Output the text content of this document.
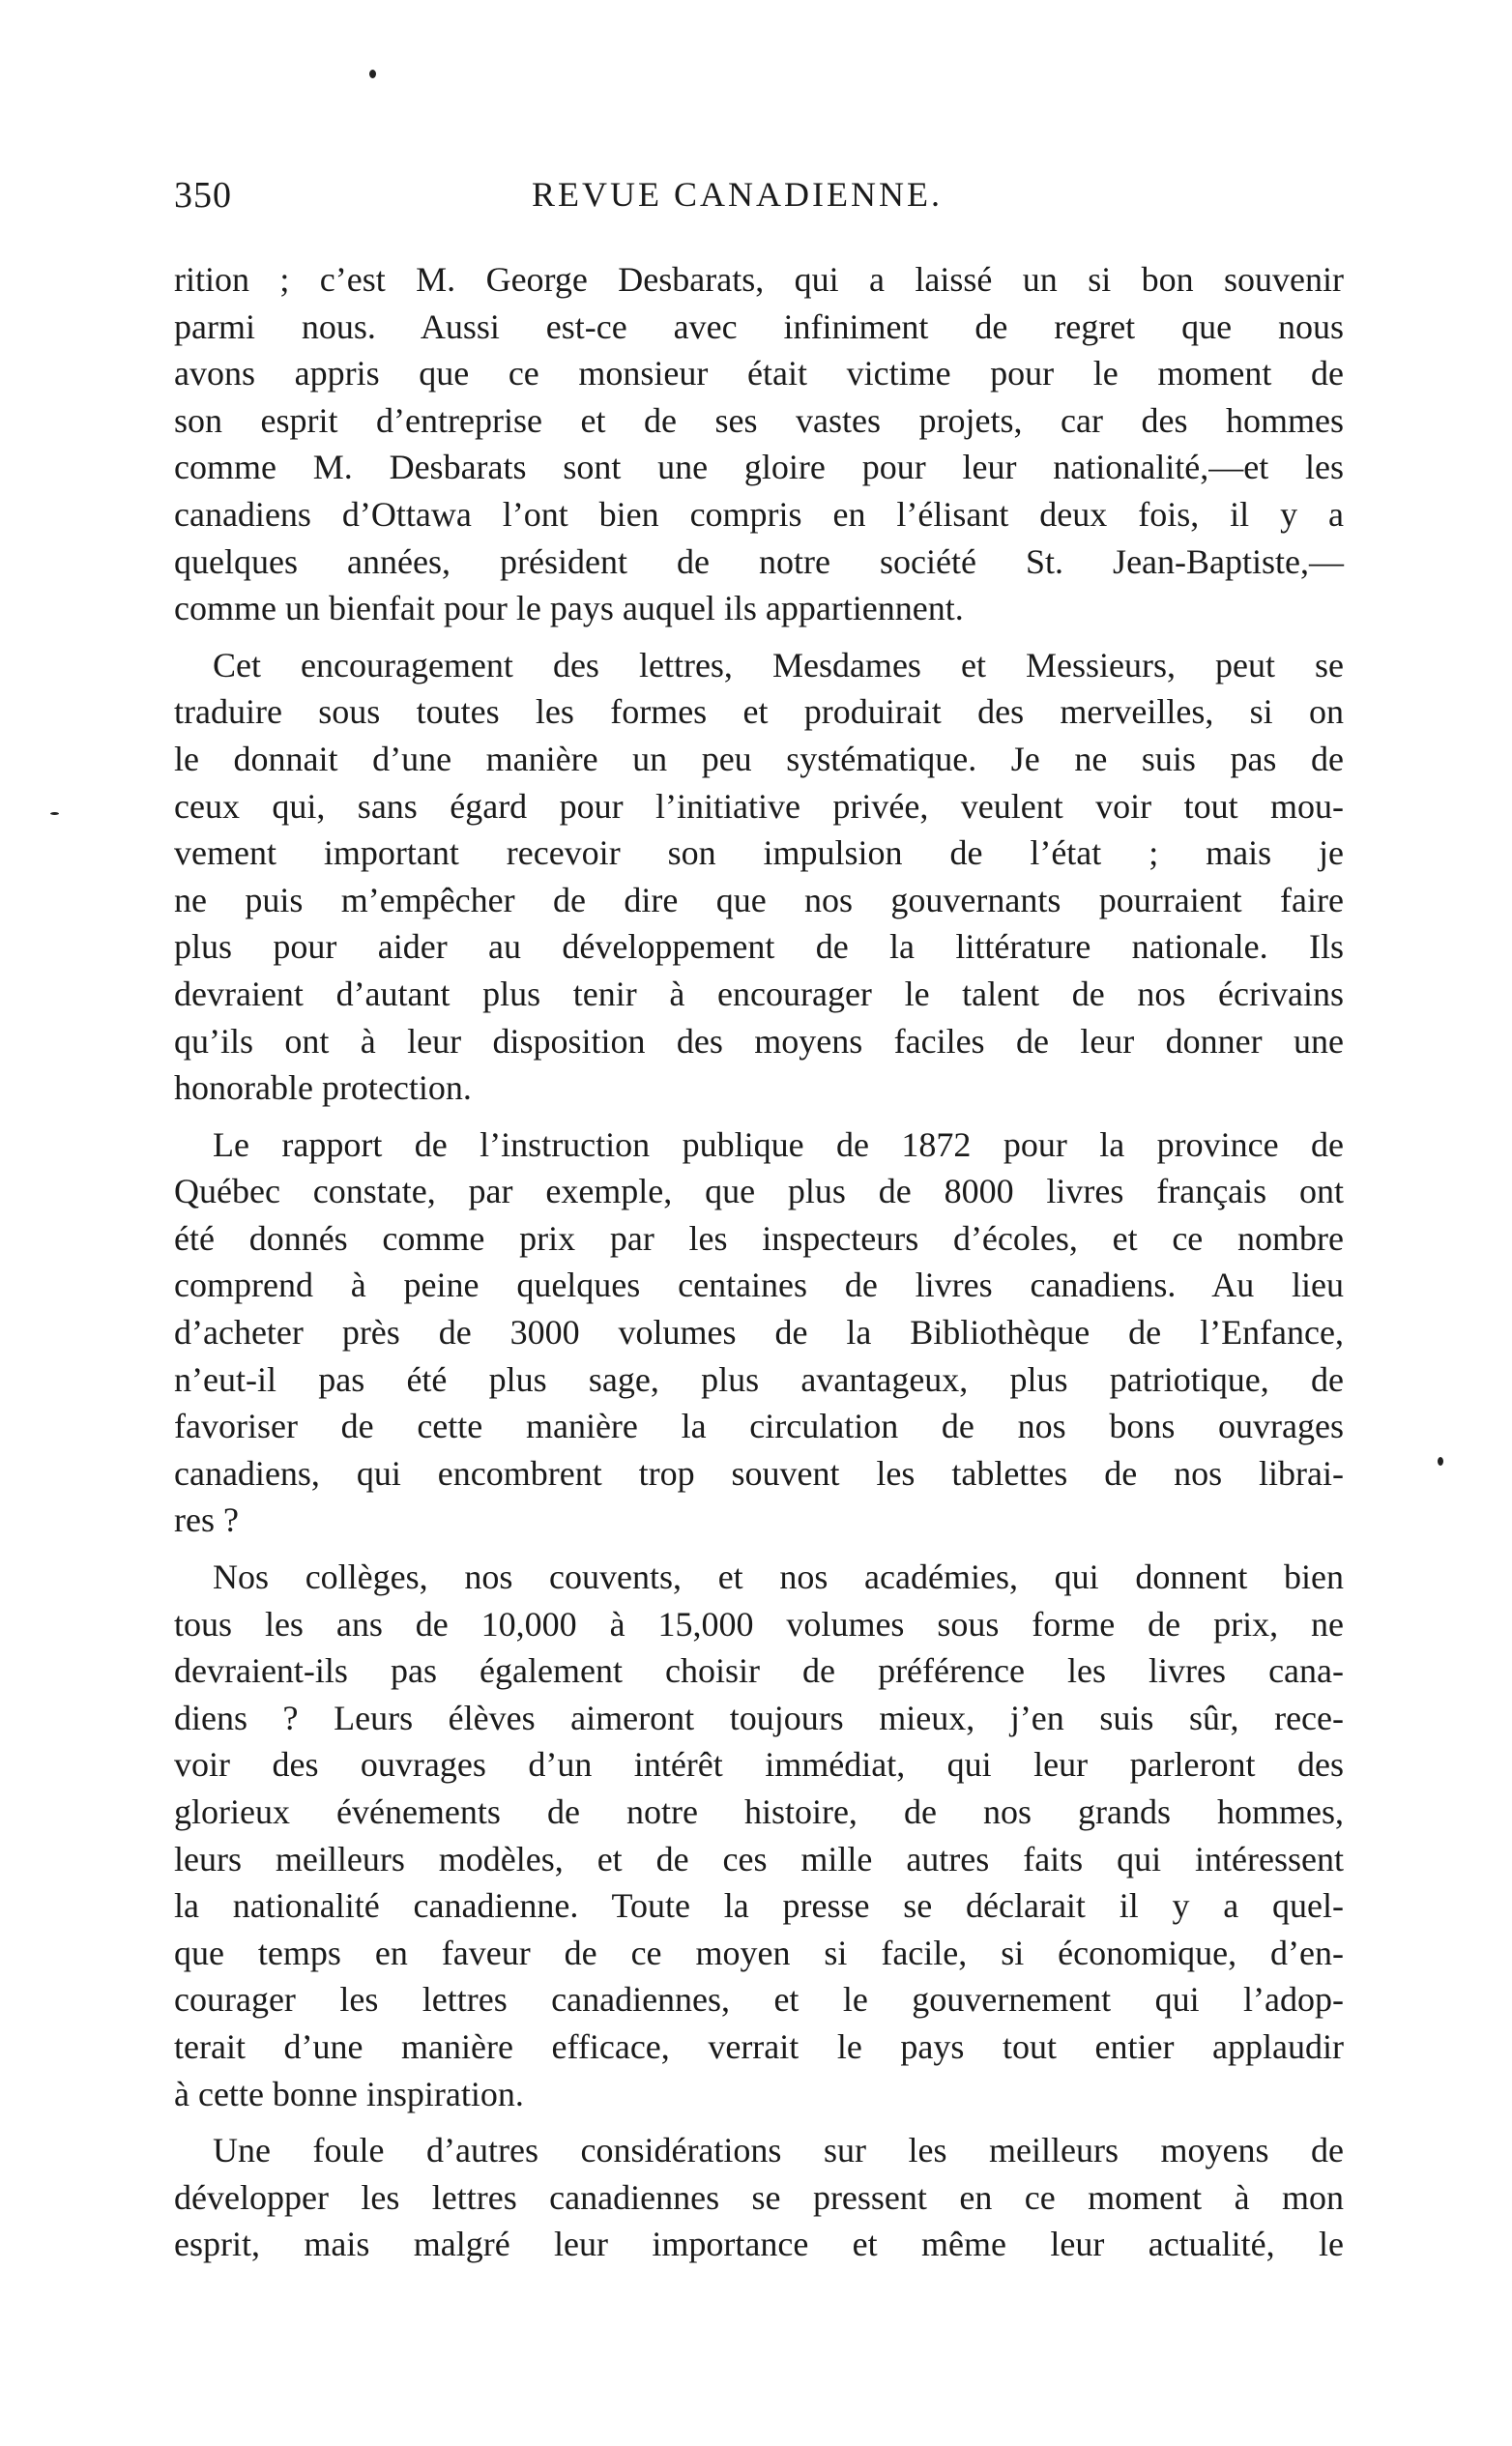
350	REVUE CANADIENNE.
rition ; c’est M. George Desbarats, qui a laissé un si bon souvenir
parmi nous. Aussi est-ce avec infiniment de regret que nous
avons appris que ce monsieur était victime pour le moment de
son esprit d’entreprise et de ses vastes projets, car des hommes
comme M. Desbarats sont une gloire pour leur nationalité,—et les
canadiens d’Ottawa l’ont bien compris en l’élisant deux fois, il y a
quelques années, président de notre société St. Jean-Baptiste,—
comme un bienfait pour le pays auquel ils appartiennent.
Cet encouragement des lettres, Mesdames et Messieurs, peut se
traduire sous toutes les formes et produirait des merveilles, si on
le donnait d’une manière un peu systématique. Je ne suis pas de
ceux qui, sans égard pour l’initiative privée, veulent voir tout mou-
vement important recevoir son impulsion de l’état ; mais je
ne puis m’empêcher de dire que nos gouvernants pourraient faire
plus pour aider au développement de la littérature nationale. Ils
devraient d’autant plus tenir à encourager le talent de nos écrivains
qu’ils ont à leur disposition des moyens faciles de leur donner une
honorable protection.
Le rapport de l’instruction publique de 1872 pour la province de
Québec constate, par exemple, que plus de 8000 livres français ont
été donnés comme prix par les inspecteurs d’écoles, et ce nombre
comprend à peine quelques centaines de livres canadiens. Au lieu
d’acheter près de 3000 volumes de la Bibliothèque de l’Enfance,
n’eut-il pas été plus sage, plus avantageux, plus patriotique, de
favoriser de cette manière la circulation de nos bons ouvrages
canadiens, qui encombrent trop souvent les tablettes de nos librai-
res ?
Nos collèges, nos couvents, et nos académies, qui donnent bien
tous les ans de 10,000 à 15,000 volumes sous forme de prix, ne
devraient-ils pas également choisir de préférence les livres cana-
diens ? Leurs élèves aimeront toujours mieux, j’en suis sûr, rece-
voir des ouvrages d’un intérêt immédiat, qui leur parleront des
glorieux événements de notre histoire, de nos grands hommes,
leurs meilleurs modèles, et de ces mille autres faits qui intéressent
la nationalité canadienne. Toute la presse se déclarait il y a quel-
que temps en faveur de ce moyen si facile, si économique, d’en-
courager les lettres canadiennes, et le gouvernement qui l’adop-
terait d’une manière efficace, verrait le pays tout entier applaudir
à cette bonne inspiration.
Une foule d’autres considérations sur les meilleurs moyens de
développer les lettres canadiennes se pressent en ce moment à mon
esprit, mais malgré leur importance et même leur actualité, le
